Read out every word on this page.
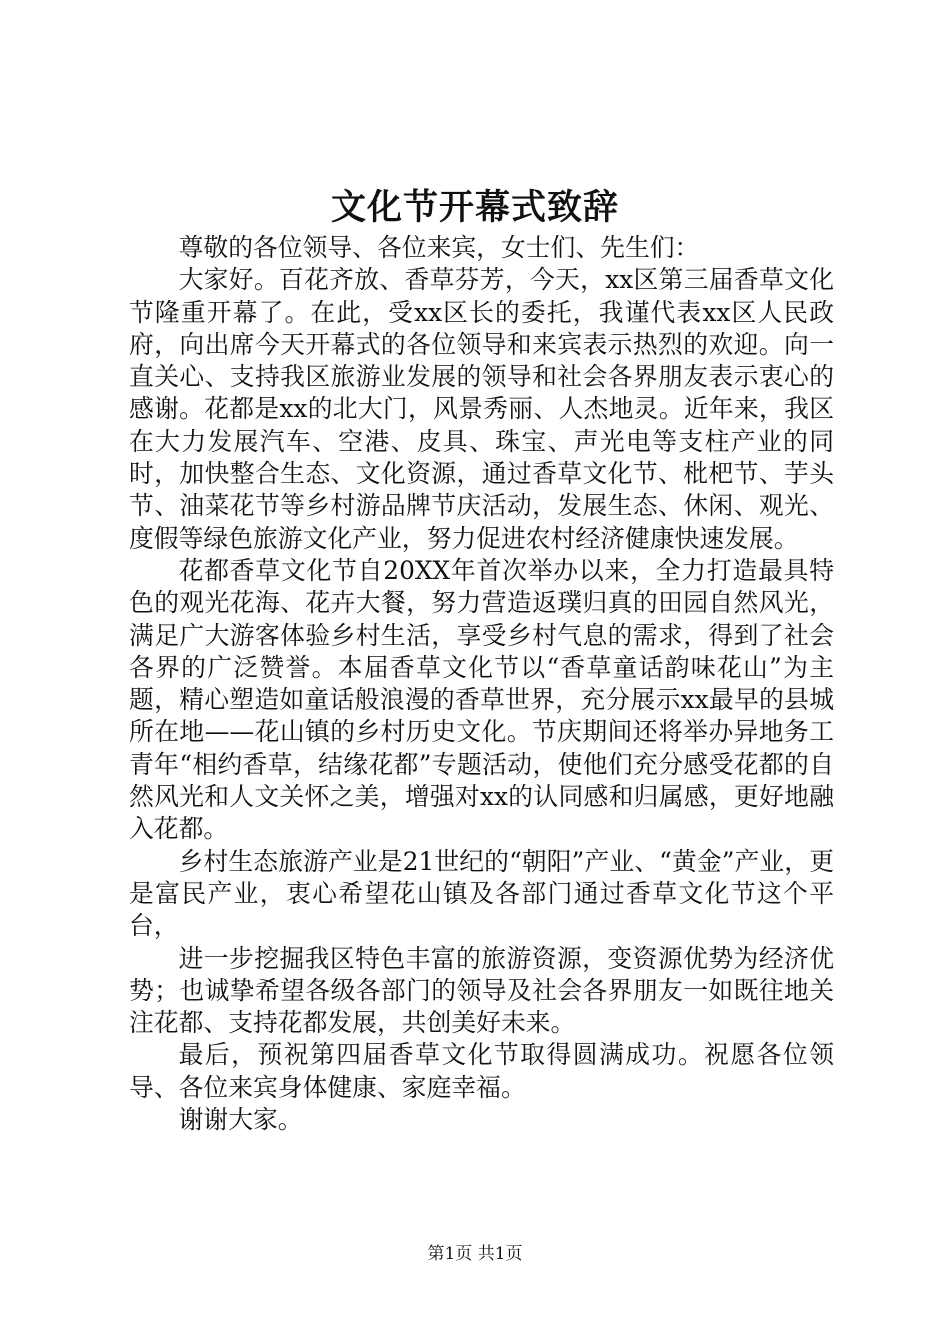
文化节开幕式致辞

尊敬的各位领导、各位来宾，女士们、先生们：

大家好。百花齐放、香草芬芳，今天，xx区第三届香草文化节隆重开幕了。在此，受xx区长的委托，我谨代表xx区人民政府，向出席今天开幕式的各位领导和来宾表示热烈的欢迎。向一直关心、支持我区旅游业发展的领导和社会各界朋友表示衷心的感谢。花都是xx的北大门，风景秀丽、人杰地灵。近年来，我区在大力发展汽车、空港、皮具、珠宝、声光电等支柱产业的同时，加快整合生态、文化资源，通过香草文化节、枇杷节、芋头节、油菜花节等乡村游品牌节庆活动，发展生态、休闲、观光、度假等绿色旅游文化产业，努力促进农村经济健康快速发展。

花都香草文化节自20XX年首次举办以来，全力打造最具特色的观光花海、花卉大餐，努力营造返璞归真的田园自然风光，满足广大游客体验乡村生活，享受乡村气息的需求，得到了社会各界的广泛赞誉。本届香草文化节以“香草童话韵味花山”为主题，精心塑造如童话般浪漫的香草世界，充分展示xx最早的县城所在地——花山镇的乡村历史文化。节庆期间还将举办异地务工青年“相约香草，结缘花都”专题活动，使他们充分感受花都的自然风光和人文关怀之美，增强对xx的认同感和归属感，更好地融入花都。

乡村生态旅游产业是21世纪的“朝阳”产业、“黄金”产业，更是富民产业，衷心希望花山镇及各部门通过香草文化节这个平台，

进一步挖掘我区特色丰富的旅游资源，变资源优势为经济优势；也诚挚希望各级各部门的领导及社会各界朋友一如既往地关注花都、支持花都发展，共创美好未来。

最后，预祝第四届香草文化节取得圆满成功。祝愿各位领导、各位来宾身体健康、家庭幸福。

谢谢大家。

第1页 共1页
